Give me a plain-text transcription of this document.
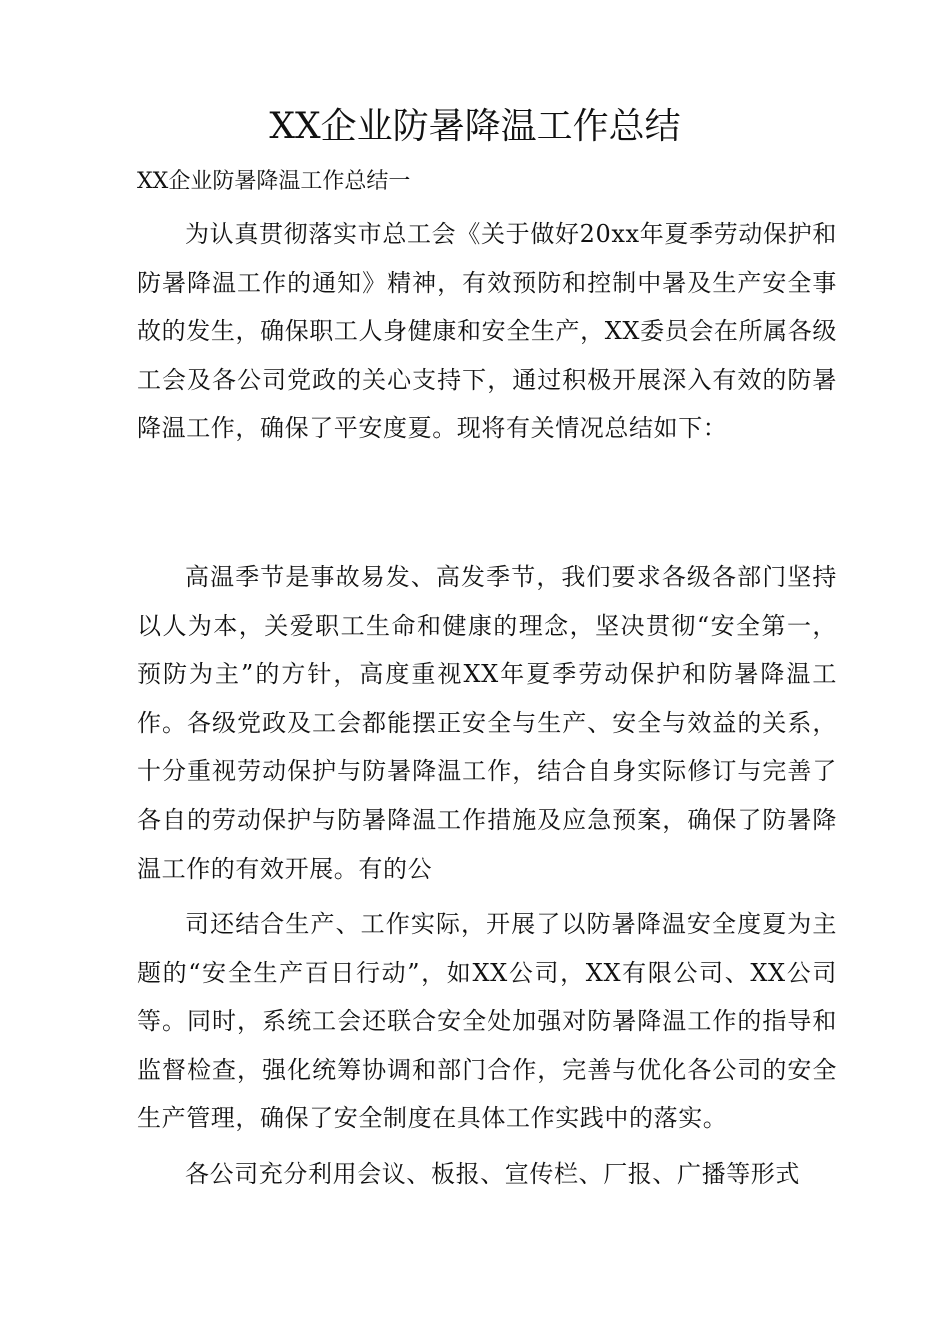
XX企业防暑降温工作总结
XX企业防暑降温工作总结一

为认真贯彻落实市总工会《关于做好20xx年夏季劳动保护和防暑降温工作的通知》精神，有效预防和控制中暑及生产安全事故的发生，确保职工人身健康和安全生产，XX委员会在所属各级工会及各公司党政的关心支持下，通过积极开展深入有效的防暑降温工作，确保了平安度夏。现将有关情况总结如下：

高温季节是事故易发、高发季节，我们要求各级各部门坚持以人为本，关爱职工生命和健康的理念，坚决贯彻“安全第一，预防为主”的方针，高度重视XX年夏季劳动保护和防暑降温工作。各级党政及工会都能摆正安全与生产、安全与效益的关系，十分重视劳动保护与防暑降温工作，结合自身实际修订与完善了各自的劳动保护与防暑降温工作措施及应急预案，确保了防暑降温工作的有效开展。有的公

司还结合生产、工作实际，开展了以防暑降温安全度夏为主题的“安全生产百日行动”，如XX公司，XX有限公司、XX公司等。同时，系统工会还联合安全处加强对防暑降温工作的指导和监督检查，强化统筹协调和部门合作，完善与优化各公司的安全生产管理，确保了安全制度在具体工作实践中的落实。

各公司充分利用会议、板报、宣传栏、厂报、广播等形式
